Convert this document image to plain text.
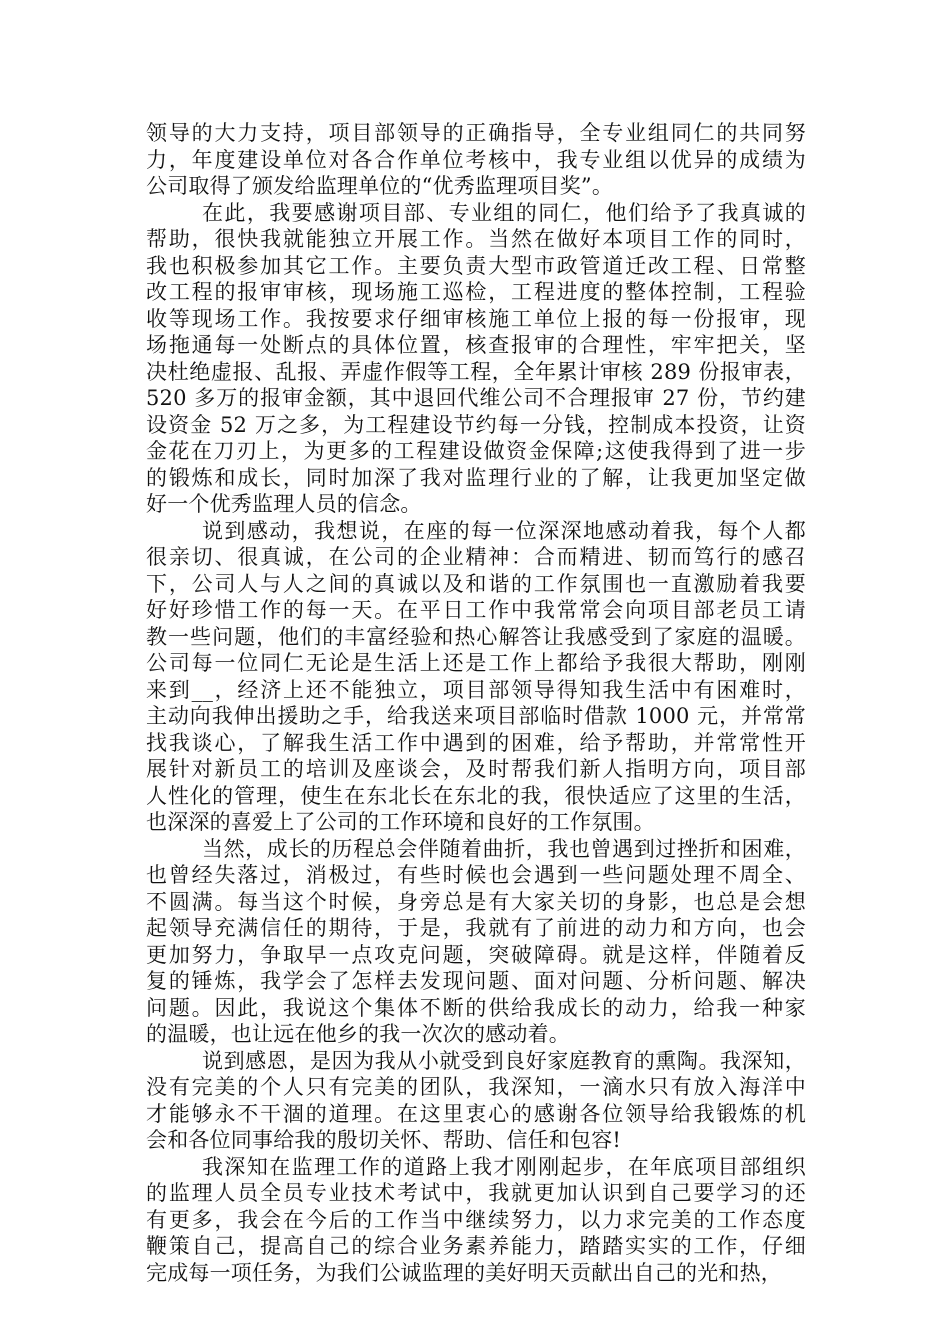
领导的大力支持，项目部领导的正确指导，全专业组同仁的共同努
力，年度建设单位对各合作单位考核中，我专业组以优异的成绩为
公司取得了颁发给监理单位的“优秀监理项目奖”。
在此，我要感谢项目部、专业组的同仁，他们给予了我真诚的
帮助，很快我就能独立开展工作。当然在做好本项目工作的同时，
我也积极参加其它工作。主要负责大型市政管道迁改工程、日常整
改工程的报审审核，现场施工巡检，工程进度的整体控制，工程验
收等现场工作。我按要求仔细审核施工单位上报的每一份报审，现
场拖通每一处断点的具体位置，核查报审的合理性，牢牢把关，坚
决杜绝虚报、乱报、弄虚作假等工程，全年累计审核 289 份报审表，
520 多万的报审金额，其中退回代维公司不合理报审 27 份，节约建
设资金 52 万之多，为工程建设节约每一分钱，控制成本投资，让资
金花在刀刃上，为更多的工程建设做资金保障;这使我得到了进一步
的锻炼和成长，同时加深了我对监理行业的了解，让我更加坚定做
好一个优秀监理人员的信念。
说到感动，我想说，在座的每一位深深地感动着我，每个人都
很亲切、很真诚，在公司的企业精神：合而精进、韧而笃行的感召
下，公司人与人之间的真诚以及和谐的工作氛围也一直激励着我要
好好珍惜工作的每一天。在平日工作中我常常会向项目部老员工请
教一些问题，他们的丰富经验和热心解答让我感受到了家庭的温暖。
公司每一位同仁无论是生活上还是工作上都给予我很大帮助，刚刚
来到__，经济上还不能独立，项目部领导得知我生活中有困难时，
主动向我伸出援助之手，给我送来项目部临时借款 1000 元，并常常
找我谈心，了解我生活工作中遇到的困难，给予帮助，并常常性开
展针对新员工的培训及座谈会，及时帮我们新人指明方向，项目部
人性化的管理，使生在东北长在东北的我，很快适应了这里的生活，
也深深的喜爱上了公司的工作环境和良好的工作氛围。
当然，成长的历程总会伴随着曲折，我也曾遇到过挫折和困难，
也曾经失落过，消极过，有些时候也会遇到一些问题处理不周全、
不圆满。每当这个时候，身旁总是有大家关切的身影，也总是会想
起领导充满信任的期待，于是，我就有了前进的动力和方向，也会
更加努力，争取早一点攻克问题，突破障碍。就是这样，伴随着反
复的锤炼，我学会了怎样去发现问题、面对问题、分析问题、解决
问题。因此，我说这个集体不断的供给我成长的动力，给我一种家
的温暖，也让远在他乡的我一次次的感动着。
说到感恩，是因为我从小就受到良好家庭教育的熏陶。我深知，
没有完美的个人只有完美的团队，我深知，一滴水只有放入海洋中
才能够永不干涸的道理。在这里衷心的感谢各位领导给我锻炼的机
会和各位同事给我的殷切关怀、帮助、信任和包容!
我深知在监理工作的道路上我才刚刚起步，在年底项目部组织
的监理人员全员专业技术考试中，我就更加认识到自己要学习的还
有更多，我会在今后的工作当中继续努力，以力求完美的工作态度
鞭策自己，提高自己的综合业务素养能力，踏踏实实的工作，仔细
完成每一项任务，为我们公诚监理的美好明天贡献出自己的光和热，
